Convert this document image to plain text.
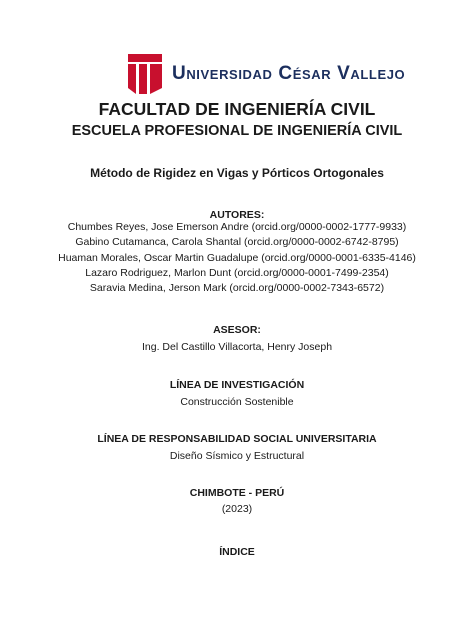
Universidad César Vallejo
FACULTAD DE INGENIERÍA CIVIL
ESCUELA PROFESIONAL DE INGENIERÍA CIVIL
Método de Rigidez en Vigas y Pórticos Ortogonales
AUTORES:
Chumbes Reyes, Jose Emerson Andre (orcid.org/0000-0002-1777-9933)
Gabino Cutamanca, Carola Shantal (orcid.org/0000-0002-6742-8795)
Huaman Morales, Oscar Martin Guadalupe (orcid.org/0000-0001-6335-4146)
Lazaro Rodriguez, Marlon Dunt (orcid.org/0000-0001-7499-2354)
Saravia Medina, Jerson Mark (orcid.org/0000-0002-7343-6572)
ASESOR:
Ing. Del Castillo Villacorta, Henry Joseph
LÍNEA DE INVESTIGACIÓN
Construcción Sostenible
LÍNEA DE RESPONSABILIDAD SOCIAL UNIVERSITARIA
Diseño Sísmico y Estructural
CHIMBOTE - PERÚ
(2023)
ÍNDICE
